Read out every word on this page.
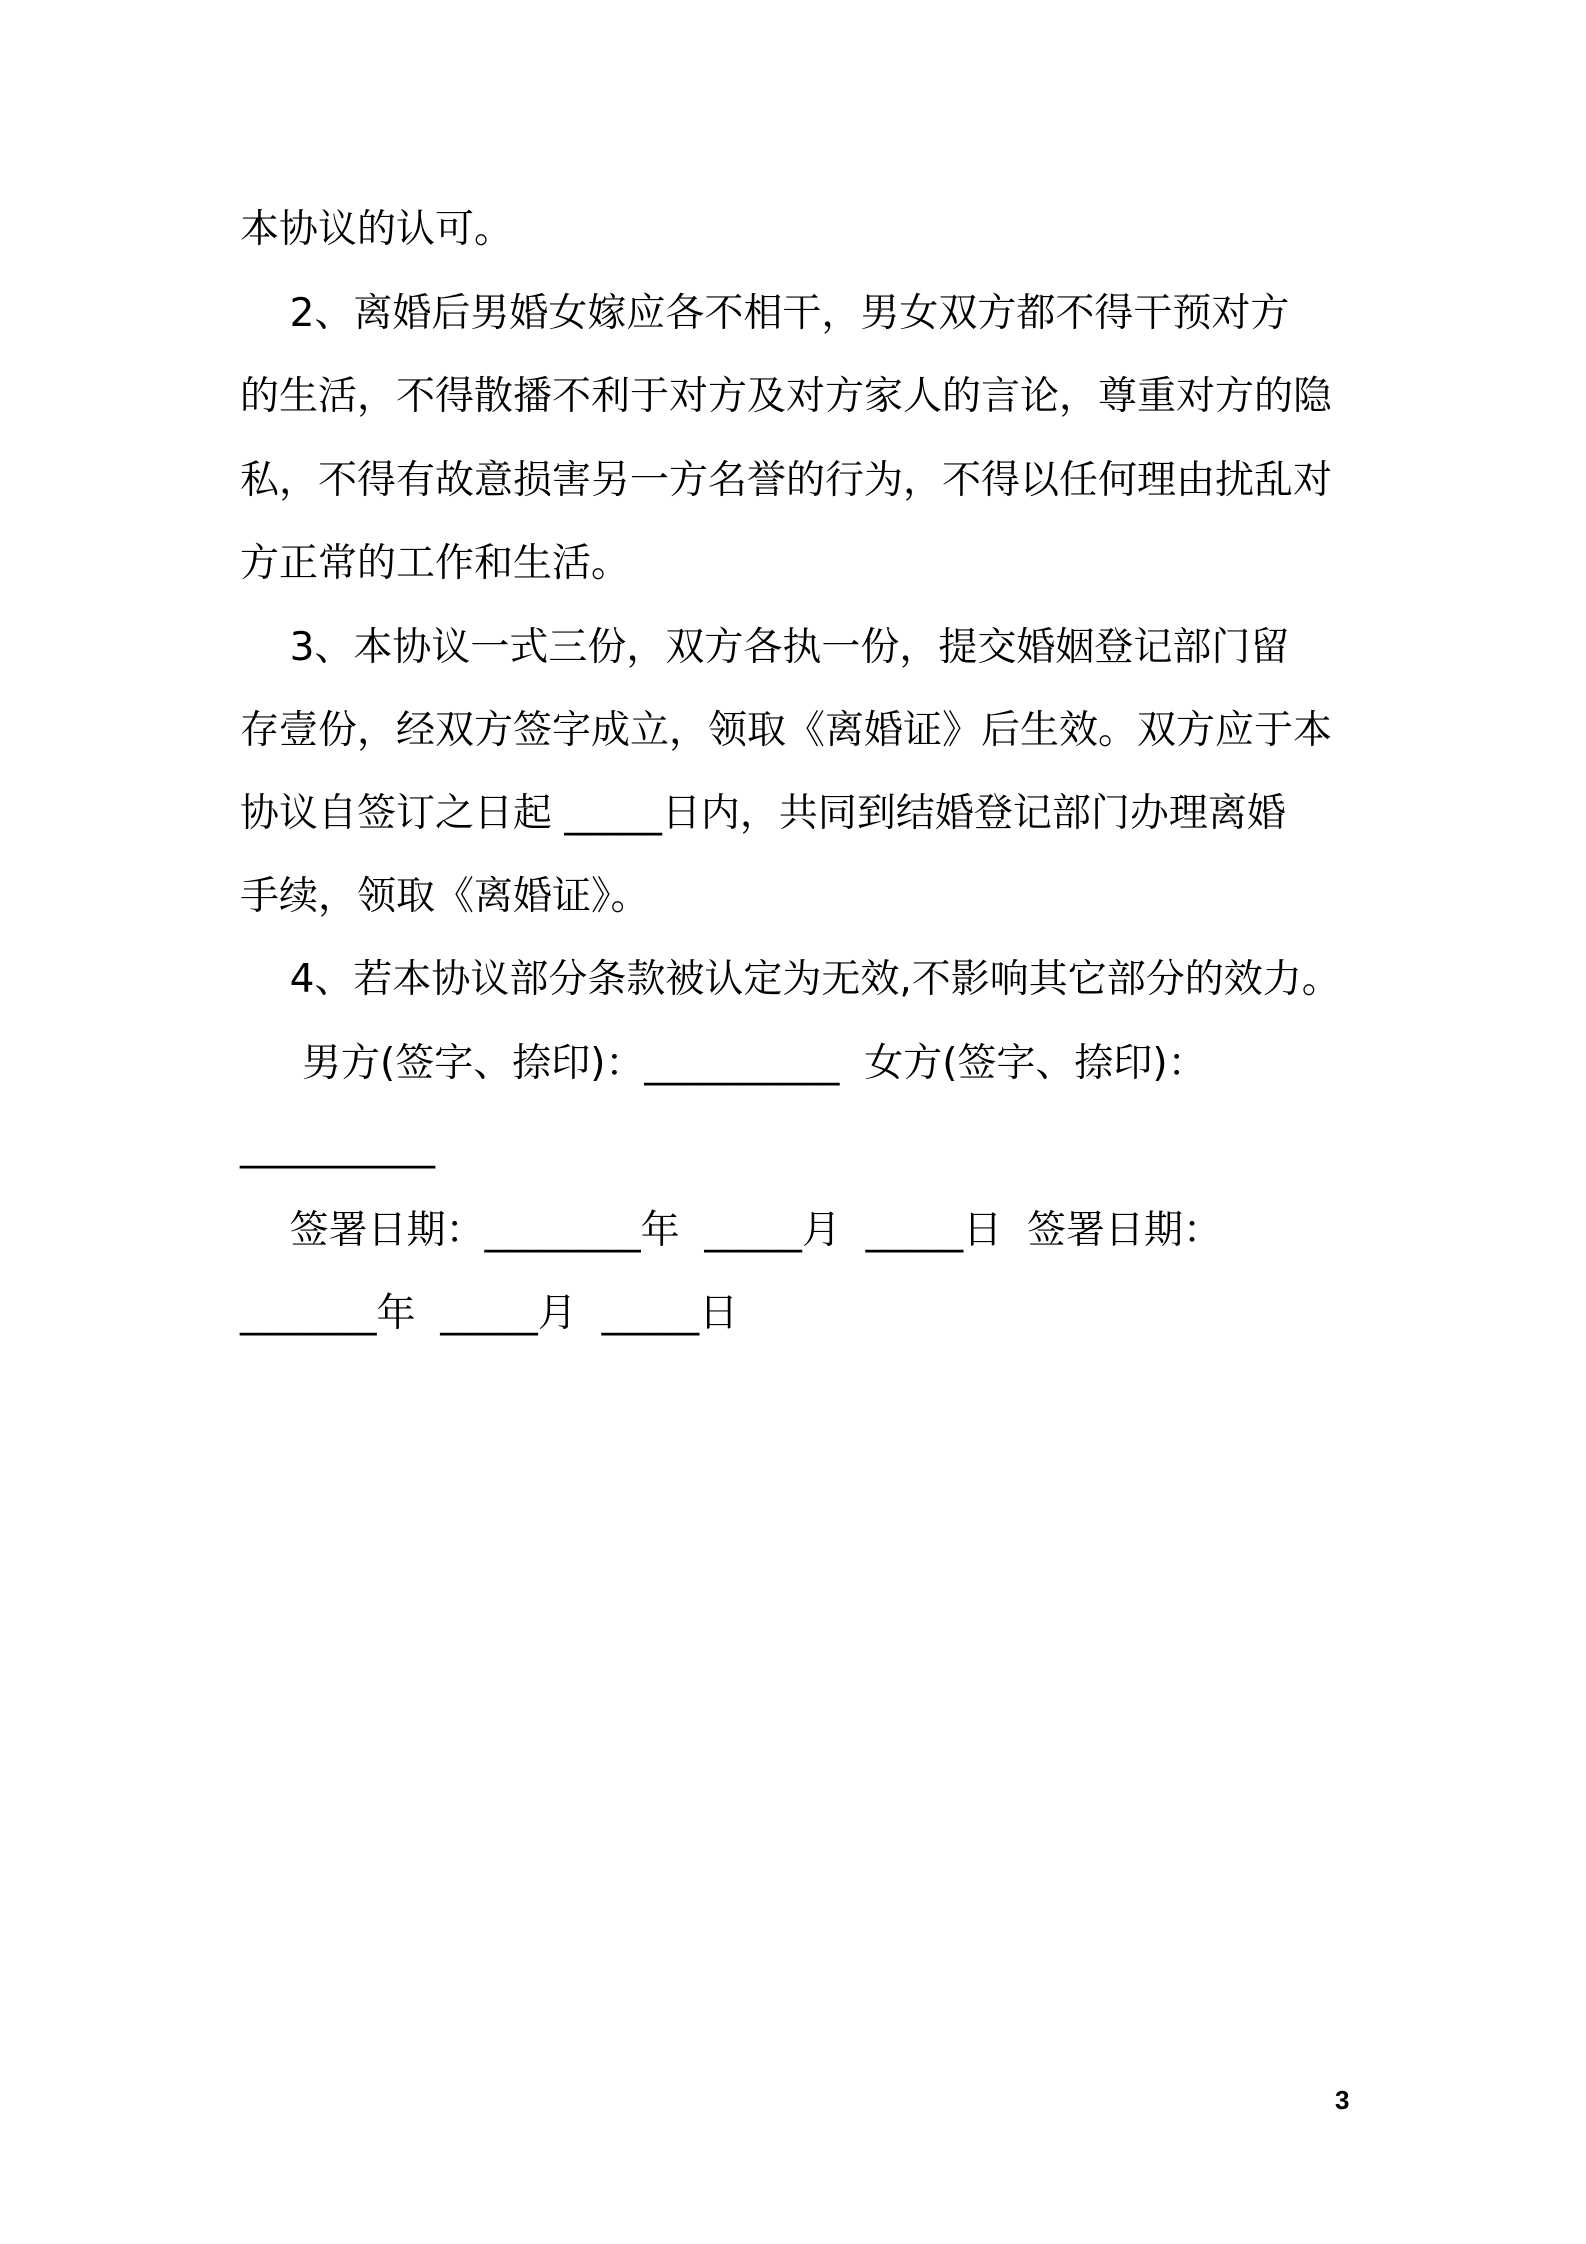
本协议的认可。
2、离婚后男婚女嫁应各不相干，男女双方都不得干预对方
的生活，不得散播不利于对方及对方家人的言论，尊重对方的隐
私，不得有故意损害另一方名誉的行为，不得以任何理由扰乱对
方正常的工作和生活。
3、本协议一式三份，双方各执一份，提交婚姻登记部门留
存壹份，经双方签字成立，领取《离婚证》后生效。双方应于本
协议自签订之日起 _____日内，共同到结婚登记部门办理离婚
手续，领取《离婚证》。
4、若本协议部分条款被认定为无效,不影响其它部分的效力。
男方(签字、捺印)：__________  女方(签字、捺印)：
__________
签署日期：________年  _____月  _____日  签署日期：
_______年  _____月  _____日
3
